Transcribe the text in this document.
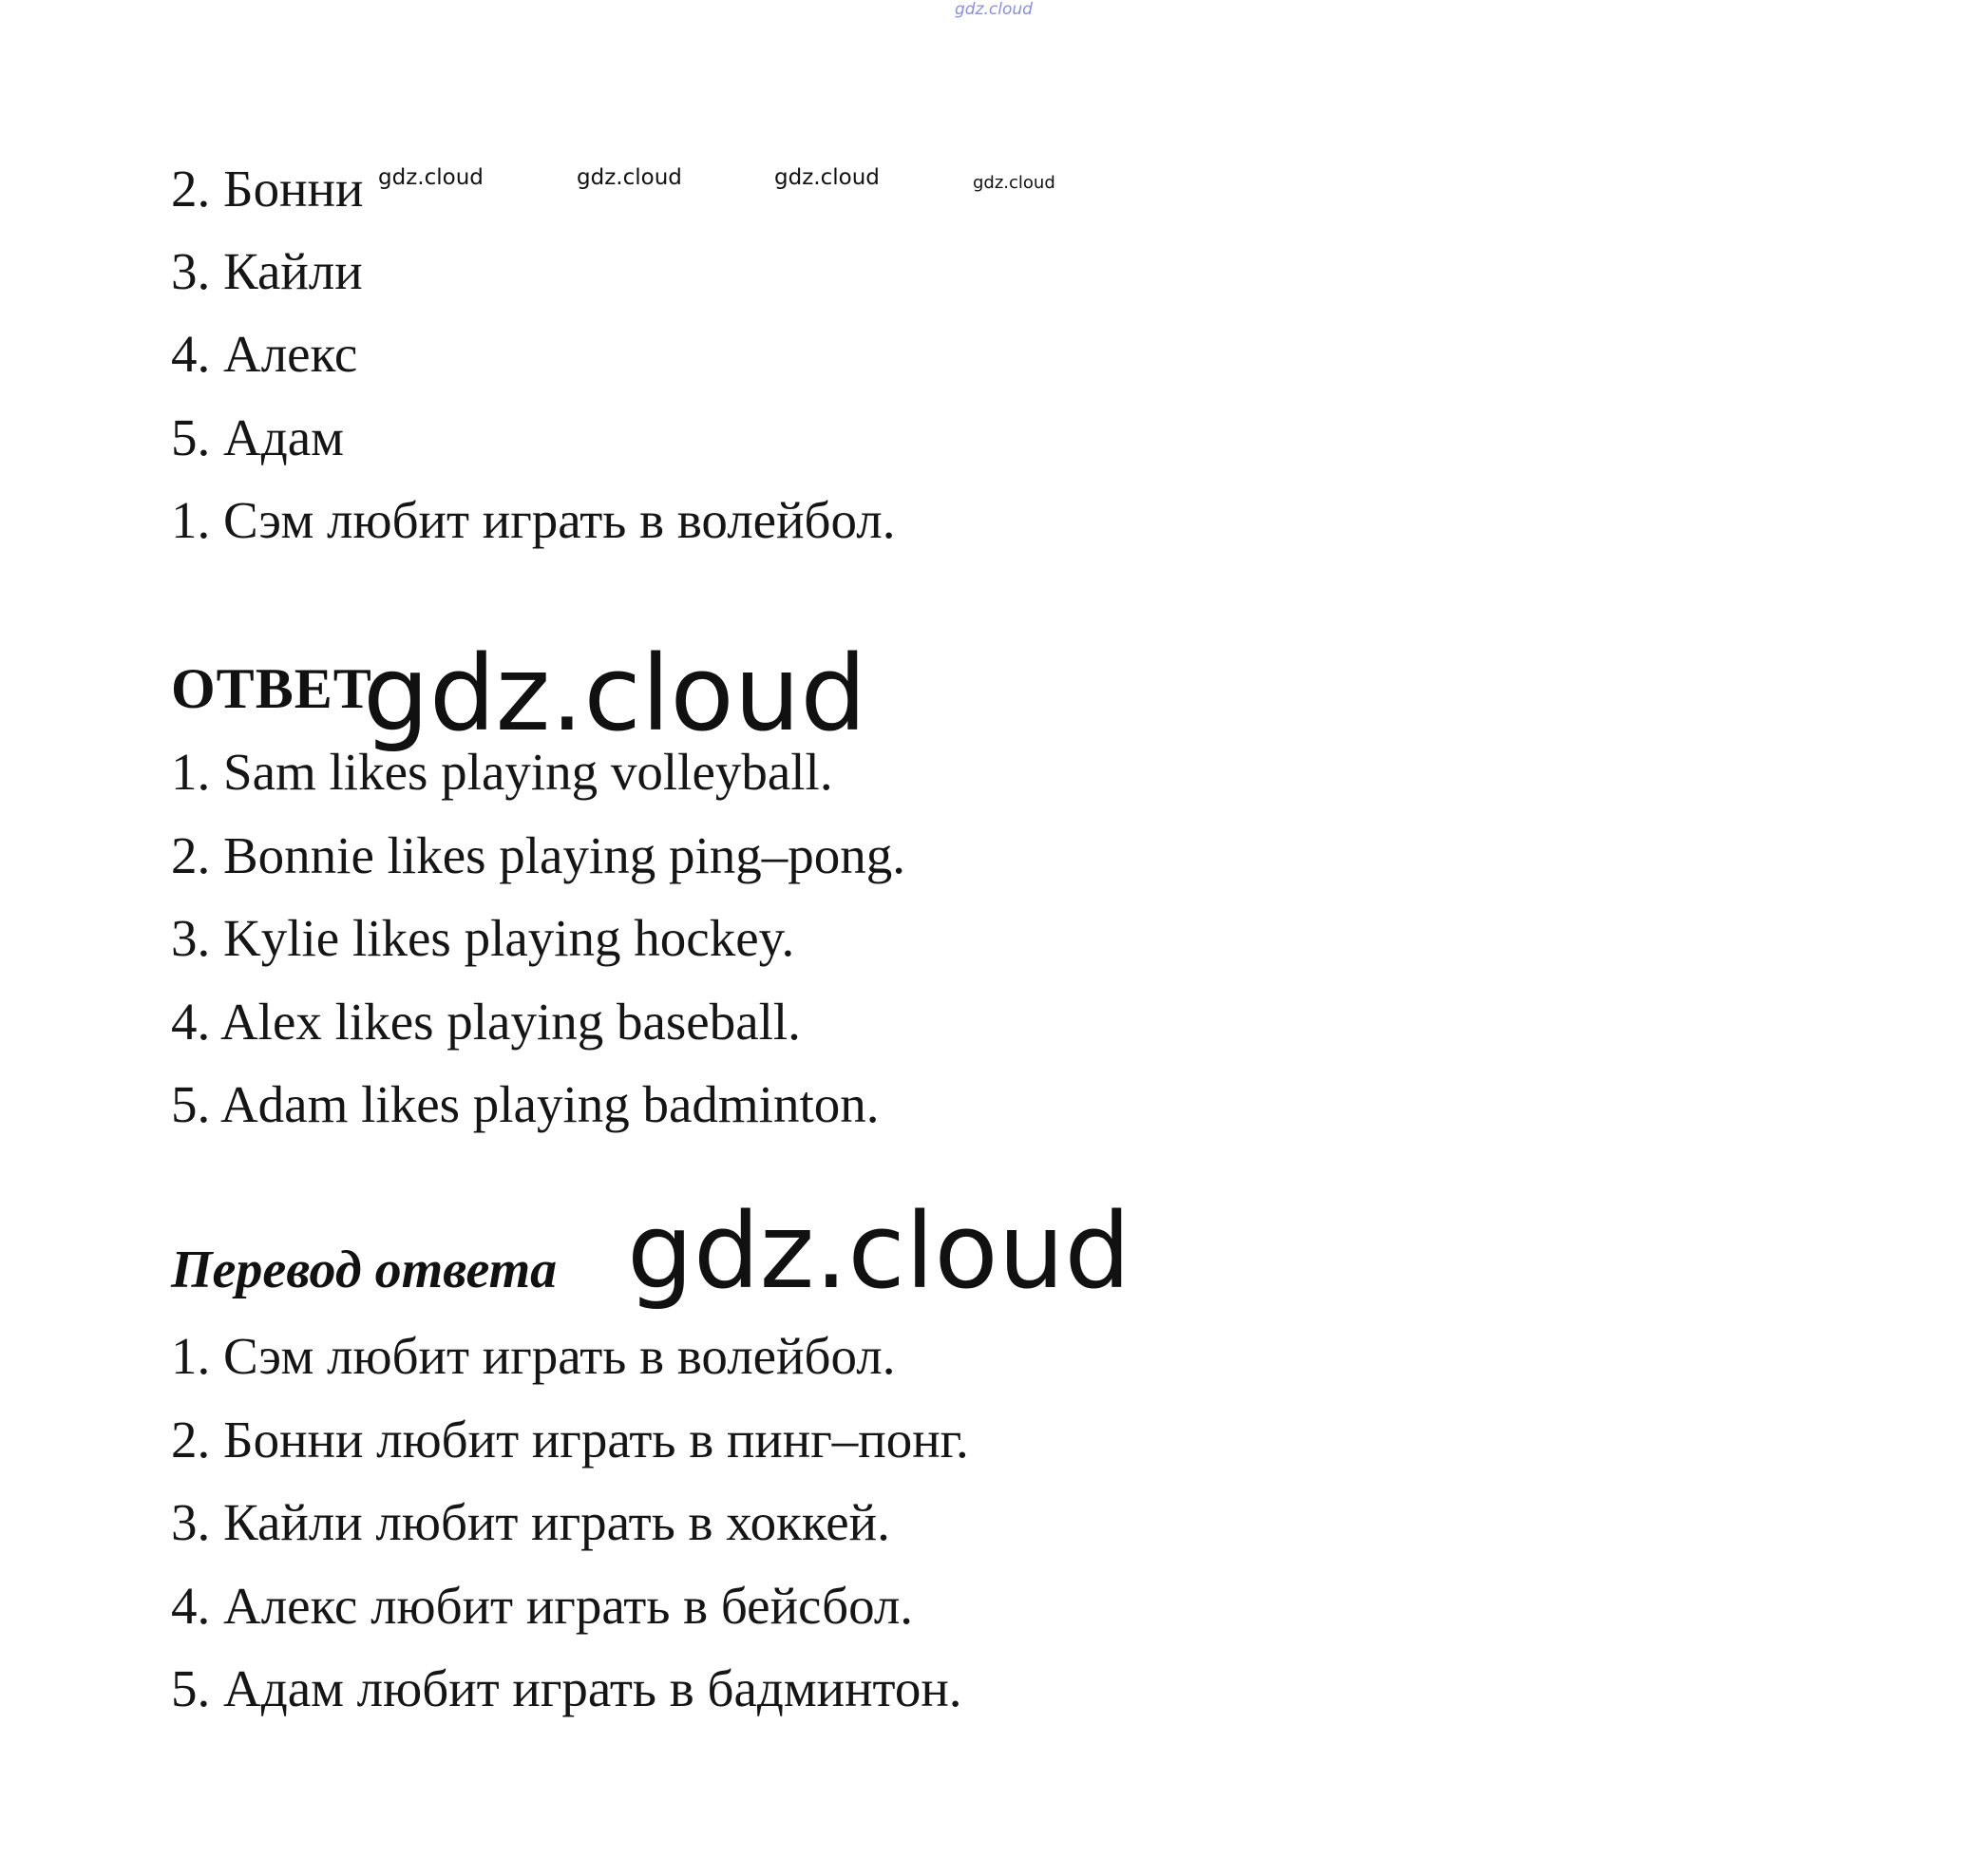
gdz.cloud
2. Бонни
3. Кайли
4. Алекс
5. Адам
1. Сэм любит играть в волейбол.
gdz.cloud	gdz.cloud	gdz.cloud	gdz.cloud
ОТВЕТ
gdz.cloud
1. Sam likes playing volleyball.
2. Bonnie likes playing ping–pong.
3. Kylie likes playing hockey.
4. Alex likes playing baseball.
5. Adam likes playing badminton.
Перевод ответа gdz.cloud
1. Сэм любит играть в волейбол.
2. Бонни любит играть в пинг–понг.
3. Кайли любит играть в хоккей.
4. Алекс любит играть в бейсбол.
5. Адам любит играть в бадминтон.
